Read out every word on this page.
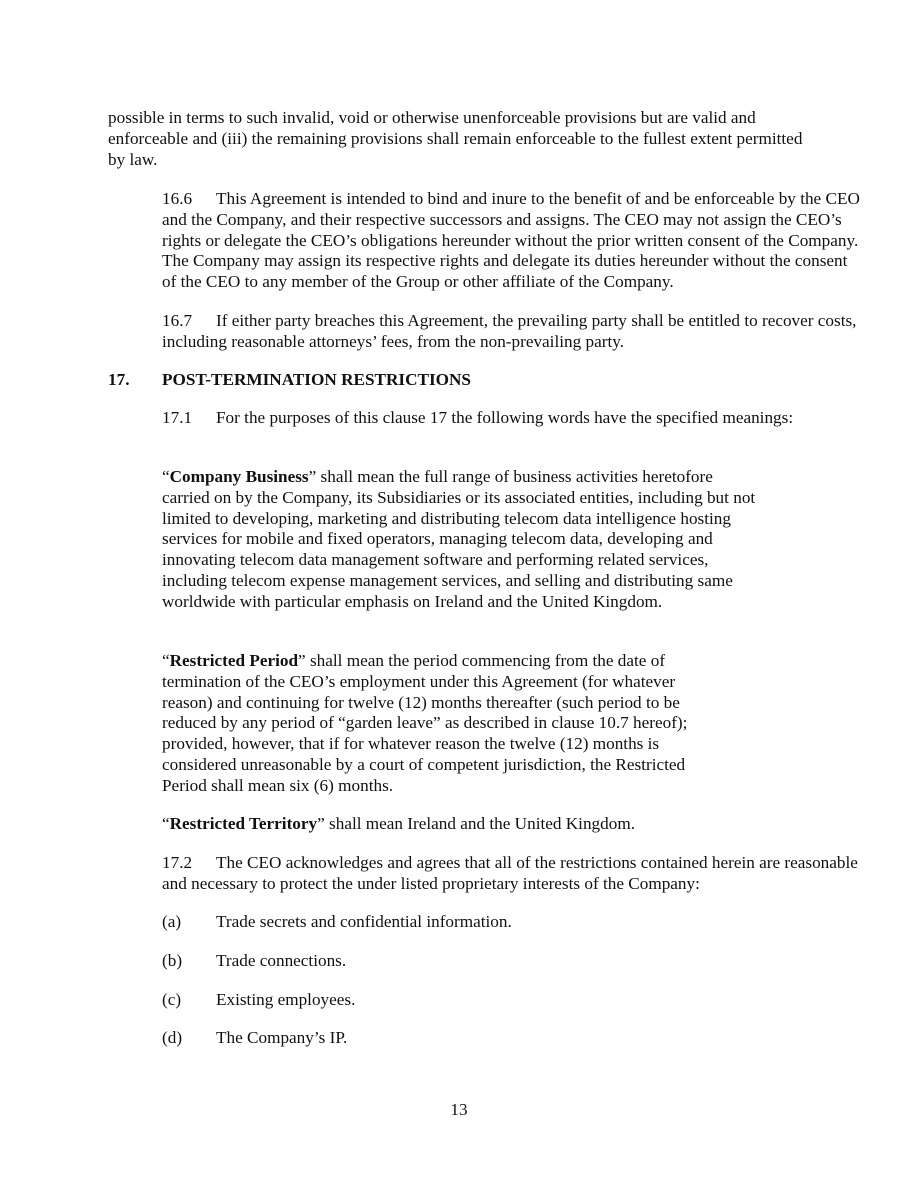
possible in terms to such invalid, void or otherwise unenforceable provisions but are valid and enforceable and (iii) the remaining provisions shall remain enforceable to the fullest extent permitted by law.

16.6 This Agreement is intended to bind and inure to the benefit of and be enforceable by the CEO and the Company, and their respective successors and assigns. The CEO may not assign the CEO’s rights or delegate the CEO’s obligations hereunder without the prior written consent of the Company. The Company may assign its respective rights and delegate its duties hereunder without the consent of the CEO to any member of the Group or other affiliate of the Company.

16.7 If either party breaches this Agreement, the prevailing party shall be entitled to recover costs, including reasonable attorneys’ fees, from the non-prevailing party.

17. POST-TERMINATION RESTRICTIONS

17.1 For the purposes of this clause 17 the following words have the specified meanings:

“Company Business” shall mean the full range of business activities heretofore carried on by the Company, its Subsidiaries or its associated entities, including but not limited to developing, marketing and distributing telecom data intelligence hosting services for mobile and fixed operators, managing telecom data, developing and innovating telecom data management software and performing related services, including telecom expense management services, and selling and distributing same worldwide with particular emphasis on Ireland and the United Kingdom.

“Restricted Period” shall mean the period commencing from the date of termination of the CEO’s employment under this Agreement (for whatever reason) and continuing for twelve (12) months thereafter (such period to be reduced by any period of “garden leave” as described in clause 10.7 hereof); provided, however, that if for whatever reason the twelve (12) months is considered unreasonable by a court of competent jurisdiction, the Restricted Period shall mean six (6) months.

“Restricted Territory” shall mean Ireland and the United Kingdom.

17.2 The CEO acknowledges and agrees that all of the restrictions contained herein are reasonable and necessary to protect the under listed proprietary interests of the Company:

(a) Trade secrets and confidential information.

(b) Trade connections.

(c) Existing employees.

(d) The Company’s IP.

13
